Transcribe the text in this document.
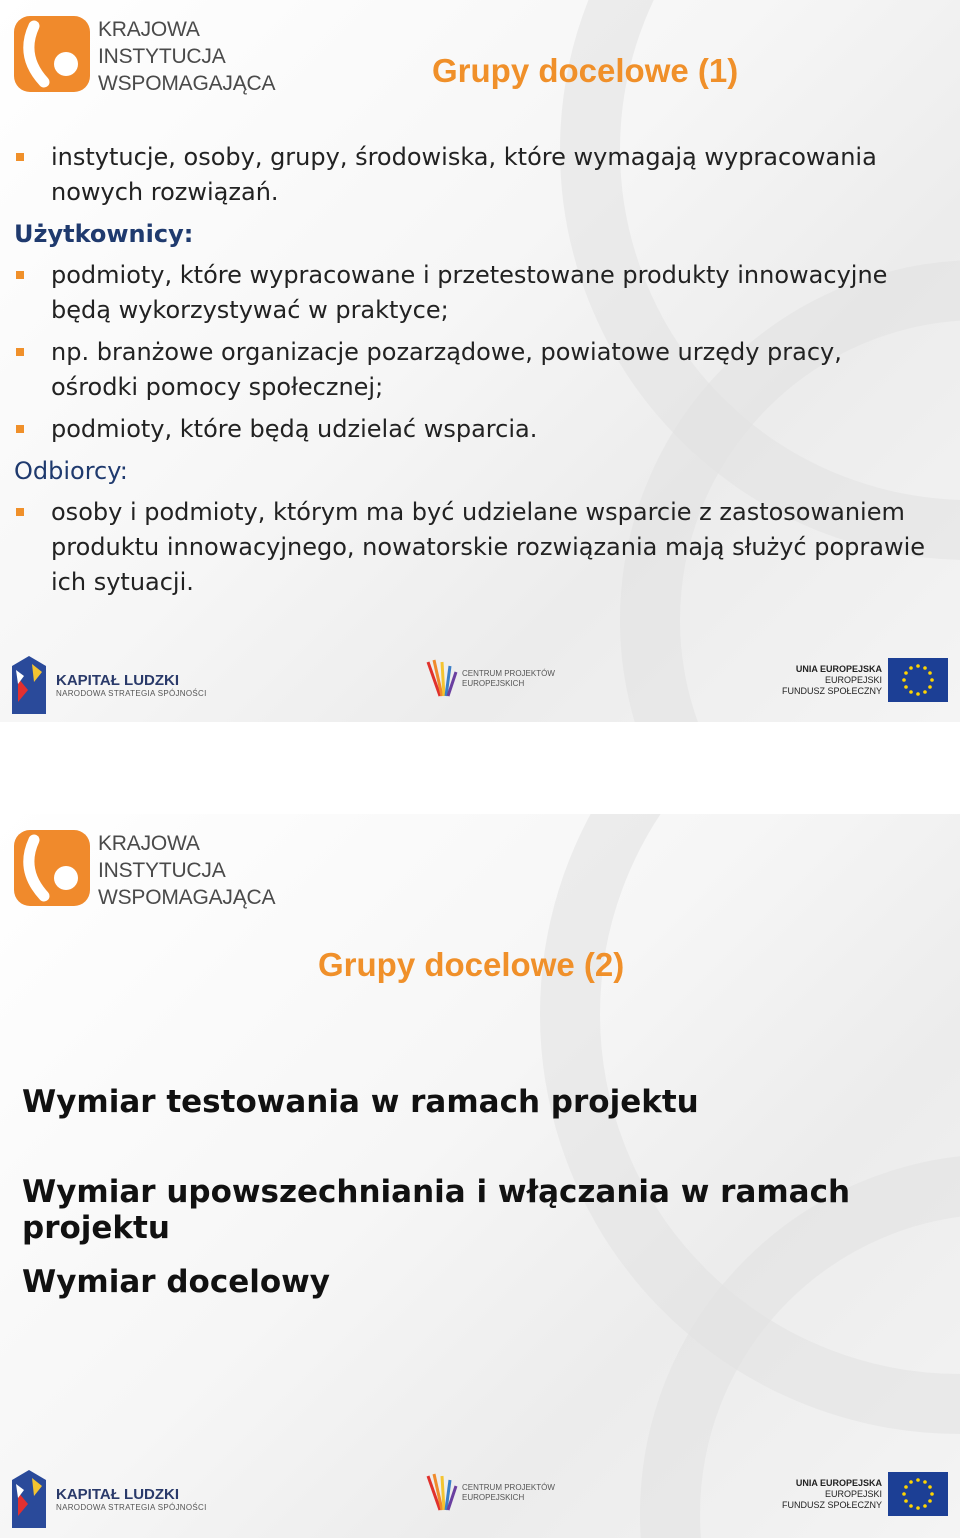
KRAJOWA
INSTYTUCJA
WSPOMAGAJĄCA	Grupy docelowe (1)
instytucje, osoby, grupy, środowiska, które wymagają wypracowania nowych rozwiązań.
Użytkownicy:
podmioty, które wypracowane i przetestowane produkty innowacyjne będą wykorzystywać w praktyce;
np. branżowe organizacje pozarządowe, powiatowe urzędy pracy, ośrodki pomocy społecznej;
podmioty, które będą udzielać wsparcia.
Odbiorcy:
osoby i podmioty, którym ma być udzielane wsparcie z zastosowaniem produktu innowacyjnego, nowatorskie rozwiązania mają służyć poprawie ich sytuacji.
KAPITAŁ LUDZKI
NARODOWA STRATEGIA SPÓJNOŚCI
CENTRUM PROJEKTÓW
EUROPEJSKICH
UNIA EUROPEJSKA
EUROPEJSKI
FUNDUSZ SPOŁECZNY
KRAJOWA
INSTYTUCJA
WSPOMAGAJĄCA
Grupy docelowe (2)
Wymiar testowania w ramach projektu
Wymiar upowszechniania i włączania w ramach projektu
Wymiar docelowy
KAPITAŁ LUDZKI
NARODOWA STRATEGIA SPÓJNOŚCI
CENTRUM PROJEKTÓW
EUROPEJSKICH
UNIA EUROPEJSKA
EUROPEJSKI
FUNDUSZ SPOŁECZNY
